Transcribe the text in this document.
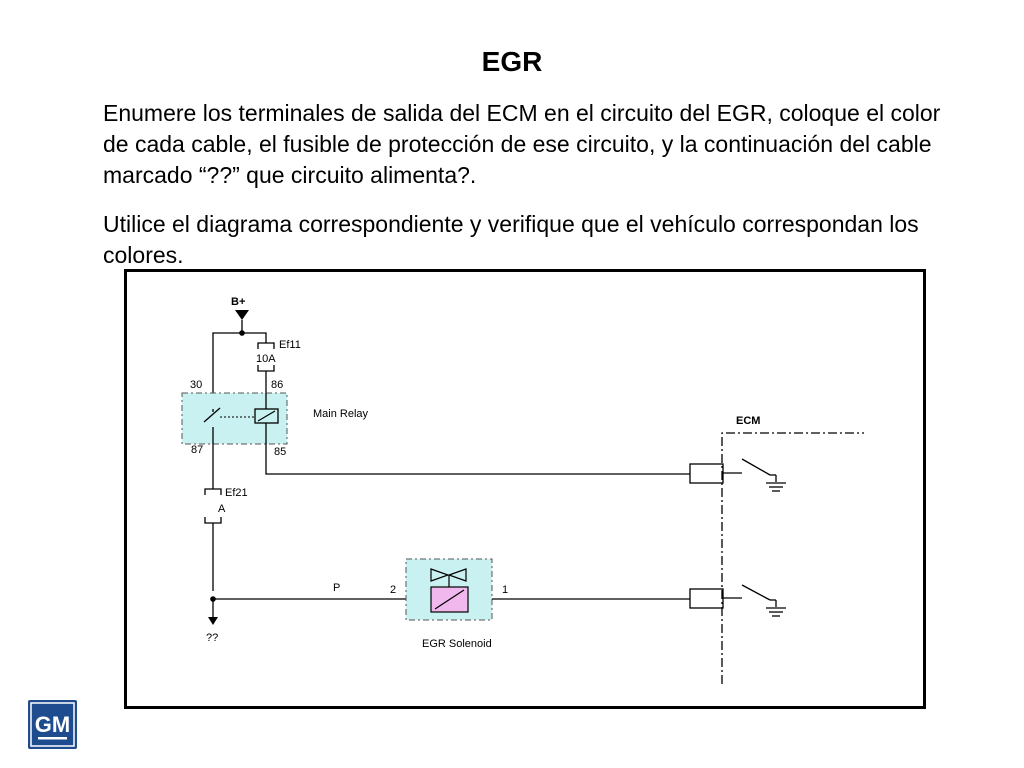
EGR

Enumere los terminales de salida del ECM en el circuito del EGR, coloque el color de cada cable, el fusible de protección de ese circuito, y la continuación del cable marcado “??” que circuito alimenta?.

Utilice el diagrama correspondiente y verifique que el vehículo correspondan los colores.

B+
Ef11
10A
30	86
Main Relay
87	85
Ef21
A
??
P	2	1
EGR Solenoid
ECM
GM
